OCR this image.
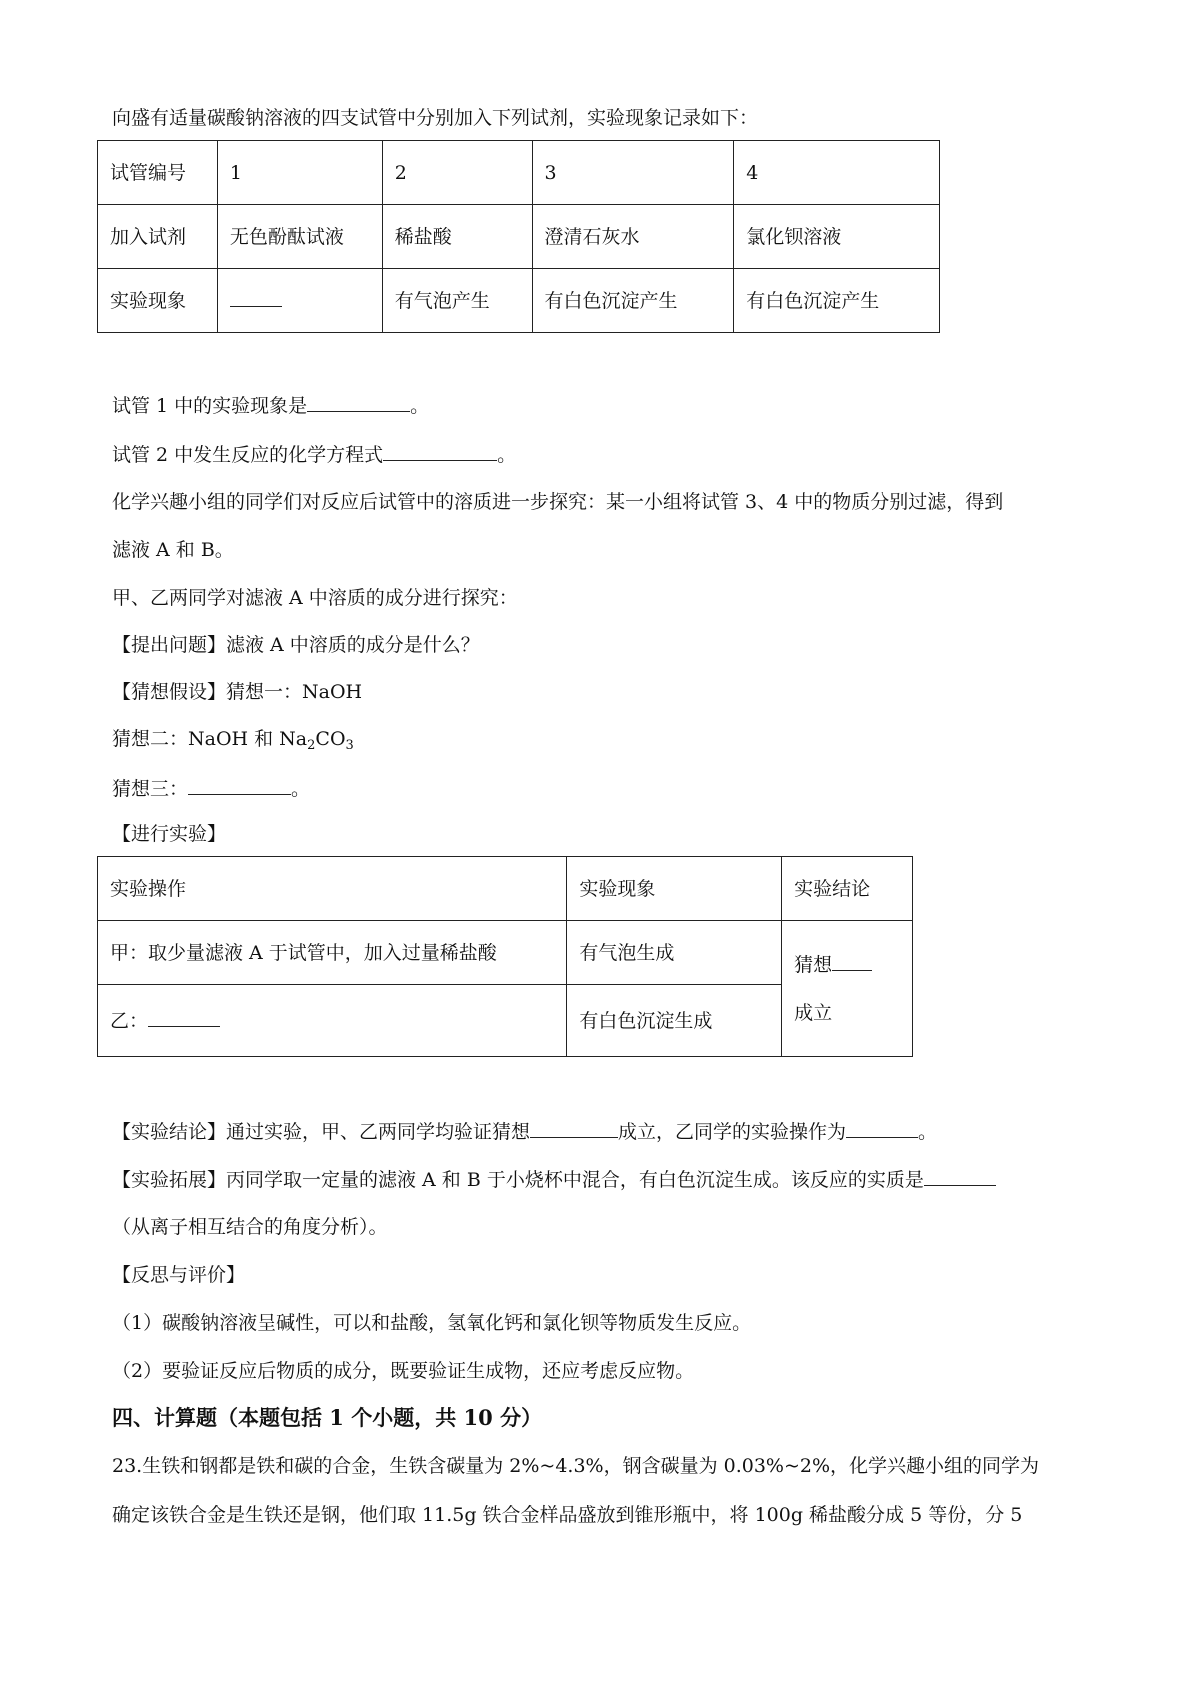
向盛有适量碳酸钠溶液的四支试管中分别加入下列试剂，实验现象记录如下：
试管编号	1	2	3	4
加入试剂	无色酚酞试液	稀盐酸	澄清石灰水	氯化钡溶液
实验现象		有气泡产生	有白色沉淀产生	有白色沉淀产生
试管 1 中的实验现象是	。
试管 2 中发生反应的化学方程式	。
化学兴趣小组的同学们对反应后试管中的溶质进一步探究：某一小组将试管 3、4 中的物质分别过滤，得到
滤液 A 和 B。
甲、乙两同学对滤液 A 中溶质的成分进行探究：
【提出问题】滤液 A 中溶质的成分是什么？
【猜想假设】猜想一：NaOH
猜想二：NaOH 和 $Na_2CO_3$
猜想三：	。
【进行实验】
实验操作	实验现象	实验结论
甲：取少量滤液 A 于试管中，加入过量稀盐酸	有气泡生成	猜想
成立

乙：	有白色沉淀生成	
【实验结论】通过实验，甲、乙两同学均验证猜想	成立，乙同学的实验操作为	。
【实验拓展】丙同学取一定量的滤液 A 和 B 于小烧杯中混合，有白色沉淀生成。该反应的实质是
（从离子相互结合的角度分析）。
【反思与评价】
（1）碳酸钠溶液呈碱性，可以和盐酸，氢氧化钙和氯化钡等物质发生反应。
（2）要验证反应后物质的成分，既要验证生成物，还应考虑反应物。
四、计算题（本题包括 1 个小题，共 10 分）
23.生铁和钢都是铁和碳的合金，生铁含碳量为 2%~4.3%，钢含碳量为 0.03%~2%，化学兴趣小组的同学为
确定该铁合金是生铁还是钢，他们取 11.5g 铁合金样品盛放到锥形瓶中，将 100g 稀盐酸分成 5 等份，分 5
